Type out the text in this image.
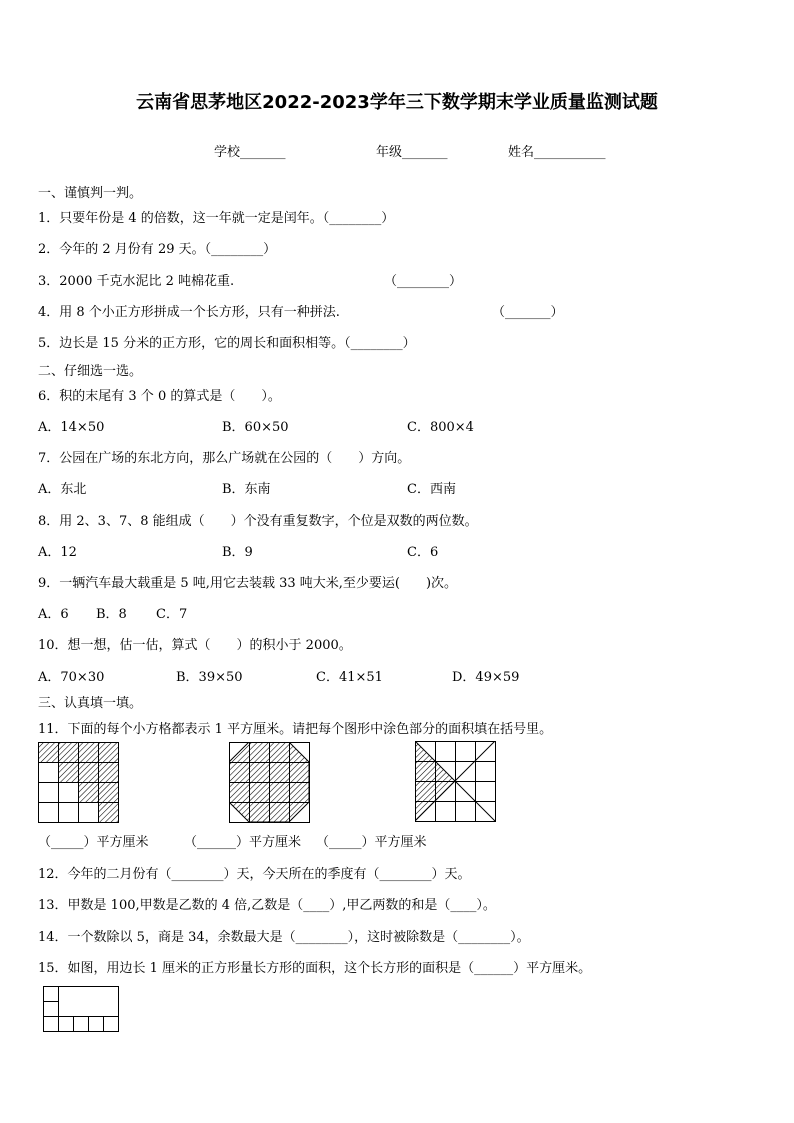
云南省思茅地区2022-2023学年三下数学期末学业质量监测试题
学校_______	年级_______	姓名___________
一、谨慎判一判。
1．只要年份是 4 的倍数，这一年就一定是闰年。（________）
2．今年的 2 月份有 29 天。（________）
3．2000 千克水泥比 2 吨棉花重.	（________）
4．用 8 个小正方形拼成一个长方形，只有一种拼法.	（_______）
5．边长是 15 分米的正方形，它的周长和面积相等。（________）
二、仔细选一选。
6．积的末尾有 3 个 0 的算式是（　　）。
A．14×50	B．60×50	C．800×4
7．公园在广场的东北方向，那么广场就在公园的（　　）方向。
A．东北	B．东南	C．西南
8．用 2、3、7、8 能组成（　　）个没有重复数字，个位是双数的两位数。
A．12	B．9	C．6
9．一辆汽车最大载重是 5 吨,用它去装载 33 吨大米,至少要运(　　)次。
A．6 B．8 C．7
10．想一想，估一估，算式（　　）的积小于 2000。
A．70×30	B．39×50	C．41×51	D．49×59
三、认真填一填。
11．下面的每个小方格都表示 1 平方厘米。请把每个图形中涂色部分的面积填在括号里。
（_____）平方厘米	（______）平方厘米 （_____）平方厘米
12．今年的二月份有（________）天，今天所在的季度有（________）天。
13．甲数是 100,甲数是乙数的 4 倍,乙数是（____）,甲乙两数的和是（____）。
14．一个数除以 5，商是 34，余数最大是（________），这时被除数是（________）。
15．如图，用边长 1 厘米的正方形量长方形的面积，这个长方形的面积是（______）平方厘米。
